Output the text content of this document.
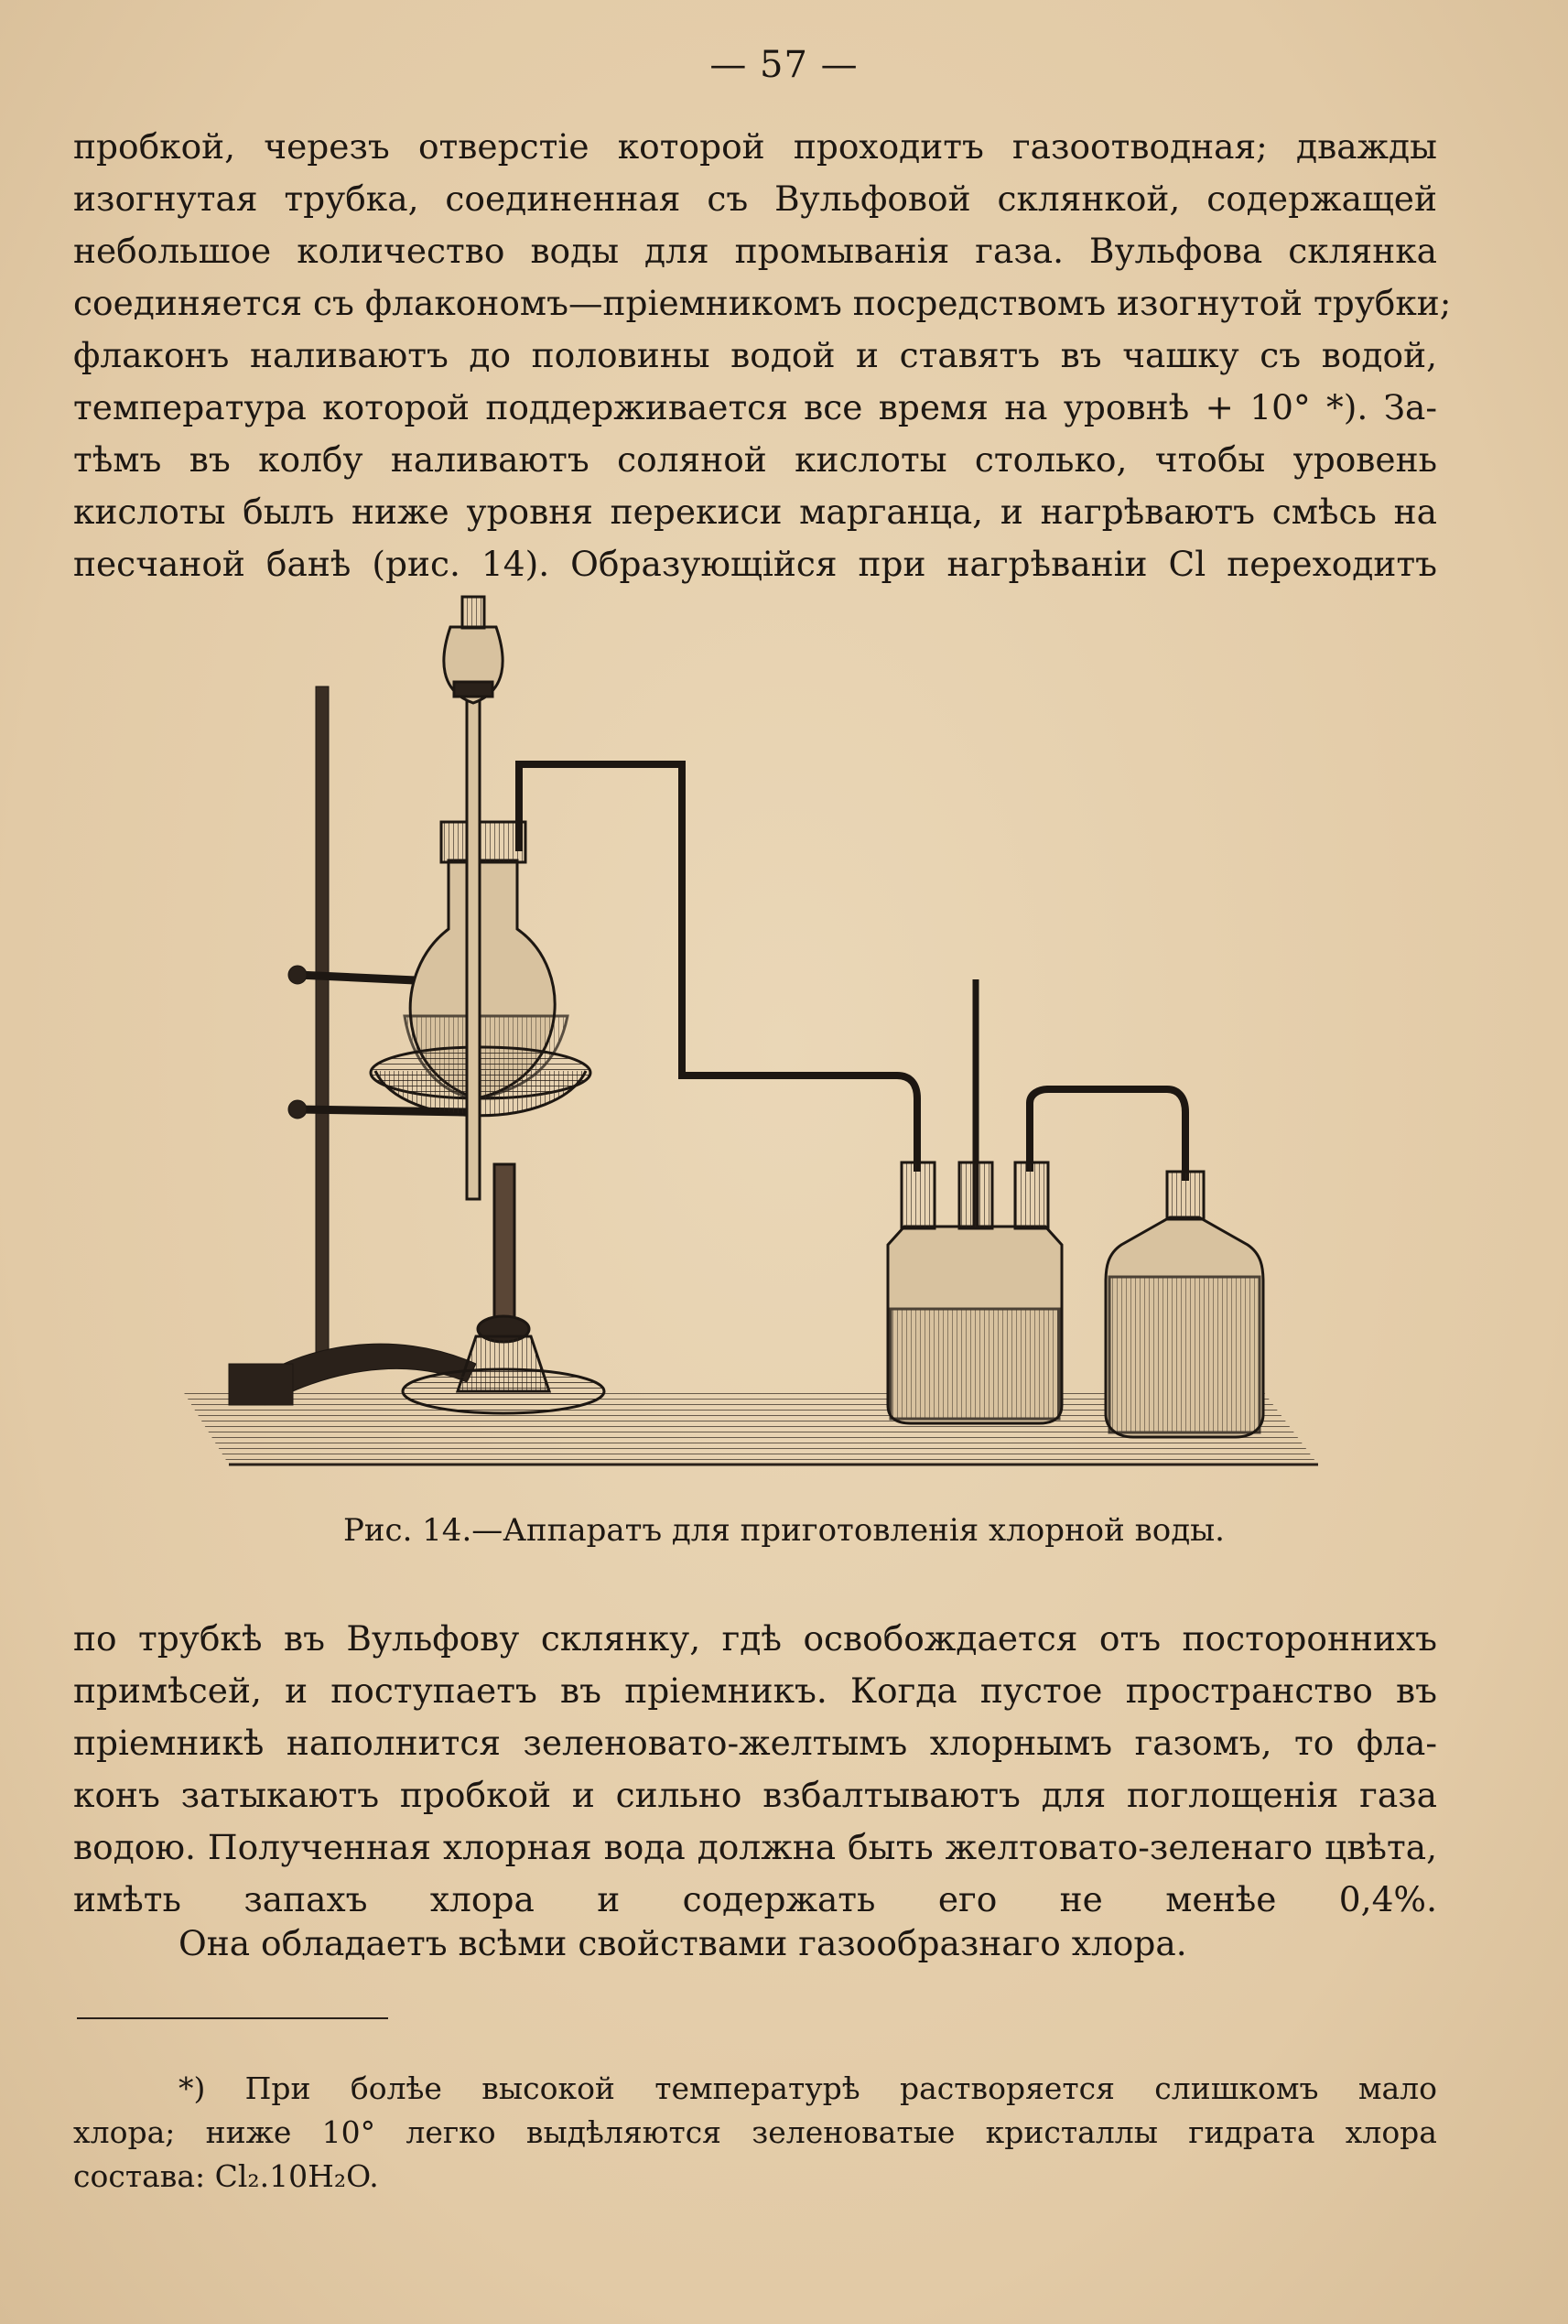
— 57 —
пробкой, черезъ отверстіе которой проходитъ газоотводная; дважды
изогнутая трубка, соединенная съ Вульфовой склянкой, содержащей
небольшое количество воды для промыванія газа. Вульфова склянка
соединяется съ флакономъ—пріемникомъ посредствомъ изогнутой трубки;
флаконъ наливаютъ до половины водой и ставятъ въ чашку съ водой,
температура которой поддерживается все время на уровнѣ + 10° *). За-
тѣмъ въ колбу наливаютъ соляной кислоты столько, чтобы уровень
кислоты былъ ниже уровня перекиси марганца, и нагрѣваютъ смѣсь на
песчаной банѣ (рис. 14). Образующійся при нагрѣваніи Cl переходитъ
Рис. 14.—Аппаратъ для приготовленія хлорной воды.
по трубкѣ въ Вульфову склянку, гдѣ освобождается отъ постороннихъ
примѣсей, и поступаетъ въ пріемникъ. Когда пустое пространство въ
пріемникѣ наполнится зеленовато-желтымъ хлорнымъ газомъ, то фла-
конъ затыкаютъ пробкой и сильно взбалтываютъ для поглощенія газа
водою. Полученная хлорная вода должна быть желтовато-зеленаго цвѣта,
имѣть запахъ хлора и содержать его не менѣе 0,4%.
Она обладаетъ всѣми свойствами газообразнаго хлора.
*) При болѣе высокой температурѣ растворяется слишкомъ мало
хлора; ниже 10° легко выдѣляются зеленоватые кристаллы гидрата хлора
состава: Cl₂.10H₂O.
